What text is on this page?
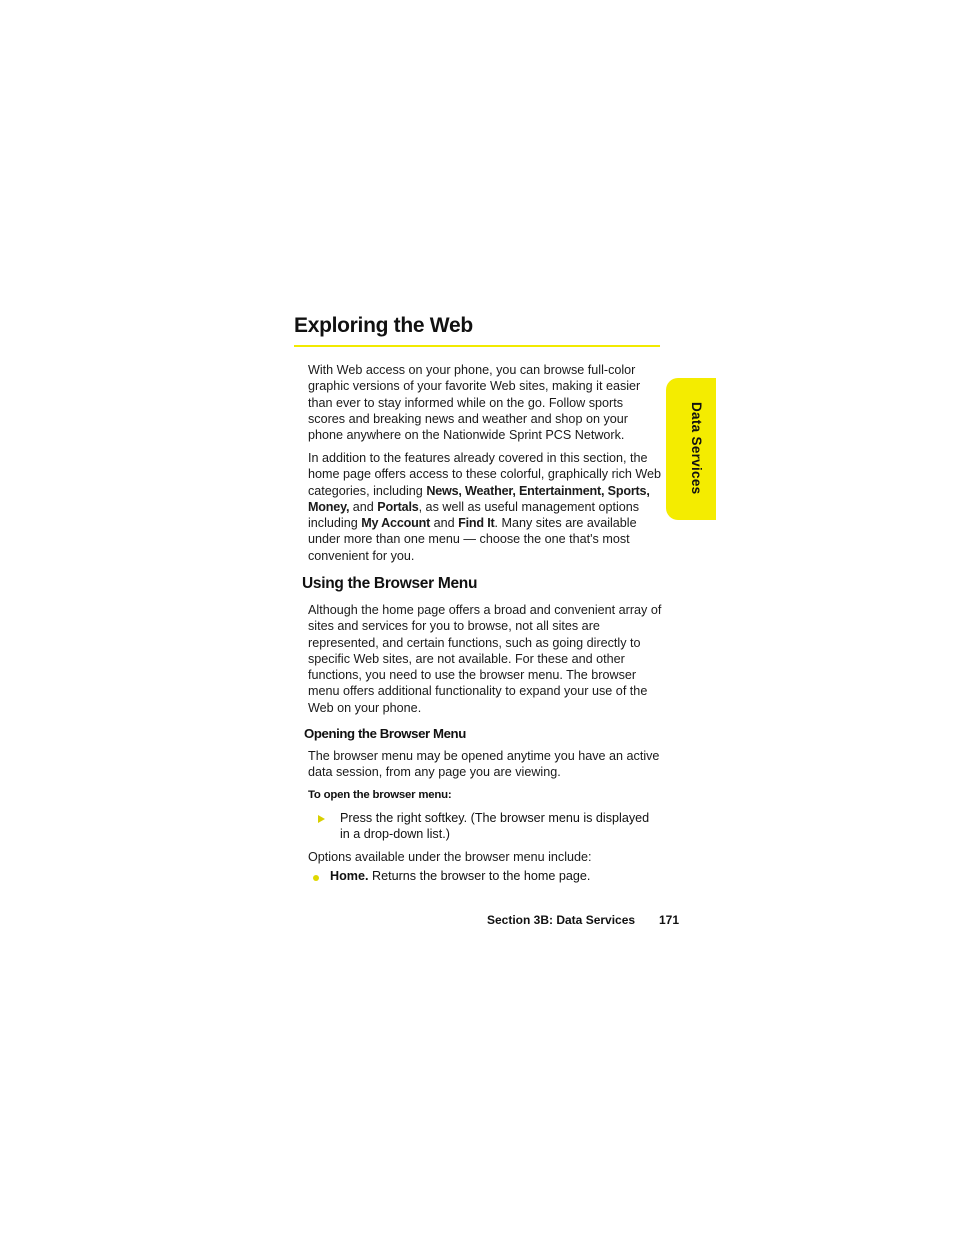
Exploring the Web
Data Services
With Web access on your phone, you can browse full-color graphic versions of your favorite Web sites, making it easier than ever to stay informed while on the go. Follow sports scores and breaking news and weather and shop on your phone anywhere on the Nationwide Sprint PCS Network.
In addition to the features already covered in this section, the home page offers access to these colorful, graphically rich Web categories, including News, Weather, Entertainment, Sports, Money, and Portals, as well as useful management options including My Account and Find It. Many sites are available under more than one menu — choose the one that's most convenient for you.
Using the Browser Menu
Although the home page offers a broad and convenient array of sites and services for you to browse, not all sites are represented, and certain functions, such as going directly to specific Web sites, are not available. For these and other functions, you need to use the browser menu. The browser menu offers additional functionality to expand your use of the Web on your phone.
Opening the Browser Menu
The browser menu may be opened anytime you have an active data session, from any page you are viewing.
To open the browser menu:
Press the right softkey. (The browser menu is displayed in a drop-down list.)
Options available under the browser menu include:
Home. Returns the browser to the home page.
Section 3B: Data Services 171
